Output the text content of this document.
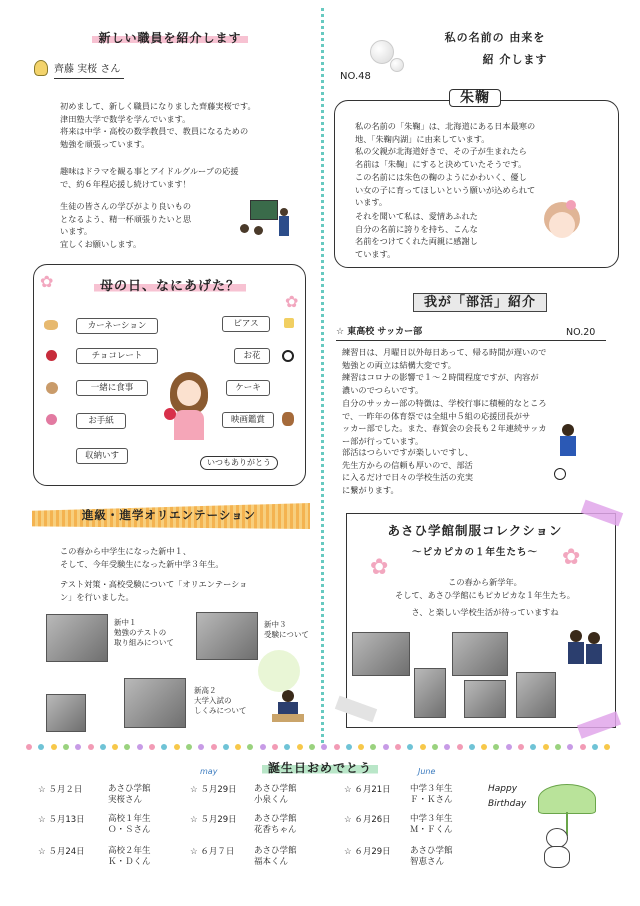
新しい職員を紹介します
齊藤 実桜 さん
初めまして、新しく職員になりました齊藤実桜です。
津田塾大学で数学を学んでいます。
将来は中学・高校の数学教員で、教員になるための
勉強を頑張っています。
趣味はドラマを観る事とアイドルグループの応援
で、約６年程応援し続けています！
生徒の皆さんの学びがより良いもの
となるよう、精一杯頑張りたいと思
います。
宜しくお願いします。
私の名前の 由来を
紹 介します
NO.48
朱鞠
私の名前の「朱鞠」は、北海道にある日本最寒の
地、「朱鞠内湖」に由来しています。
私の父親が北海道好きで、その子が生まれたら
名前は「朱鞠」にすると決めていたそうです。
この名前には朱色の鞠のようにかわいく、優し
い女の子に育ってほしいという願いが込められて
います。
それを聞いて私は、愛情あふれた
自分の名前に誇りを持ち、こんな
名前をつけてくれた両親に感謝し
ています。
母の日、なにあげた？
✿
✿
カーネーション
チョコレート
一緒に食事
お手紙
収納いす
ピアス
お花
ケーキ
映画鑑賞
いつもありがとう
我が「部活」紹介
☆ 東高校 サッカー部	NO.20
練習日は、月曜日以外毎日あって、帰る時間が遅いので
勉強との両立は結構大変です。
練習はコロナの影響で１～２時間程度ですが、内容が
濃いのでつらいです。
自分のサッカー部の特徴は、学校行事に積極的なところ
で、一昨年の体育祭では全組中５組の応援団長がサ
ッカー部でした。また、春賀会の会長も２年連続サッカ
ー部が行っています。
部活はつらいですが楽しいですし、
先生方からの信頼も厚いので、部活
に入るだけで日々の学校生活の充実
に繋がります。
進級・進学オリエンテーション
この春から中学生になった新中１、
そして、今年受験生になった新中学３年生。
テスト対策・高校受験について「オリエンテーショ
ン」を行いました。
新中１
勉強のテストの
取り組みについて
新中３
受験について
新高２
大学入試の
しくみについて
あさひ学館制服コレクション
～ピカピカの１年生たち～
✿	✿
この春から新学年。
そして、あさひ学館にもピカピカな１年生たち。
さ、と楽しい学校生活が待っていますね
may	誕生日おめでとう	June
☆ ５月２日	あさひ学館
実桜さん
☆ ５月13日	高校１年生
Ｏ・Ｓさん
☆ ５月24日	高校２年生
Ｋ・Ｄくん
☆ ５月29日 あさひ学館
小泉くん
☆ ５月29日 あさひ学館
花香ちゃん
☆ ６月７日 あさひ学館
福本くん
☆ ６月21日 中学３年生
Ｆ・Ｋさん
☆ ６月26日 中学３年生
Ｍ・Ｆくん
☆ ６月29日 あさひ学館
智恵さん
Happy
Birthday
